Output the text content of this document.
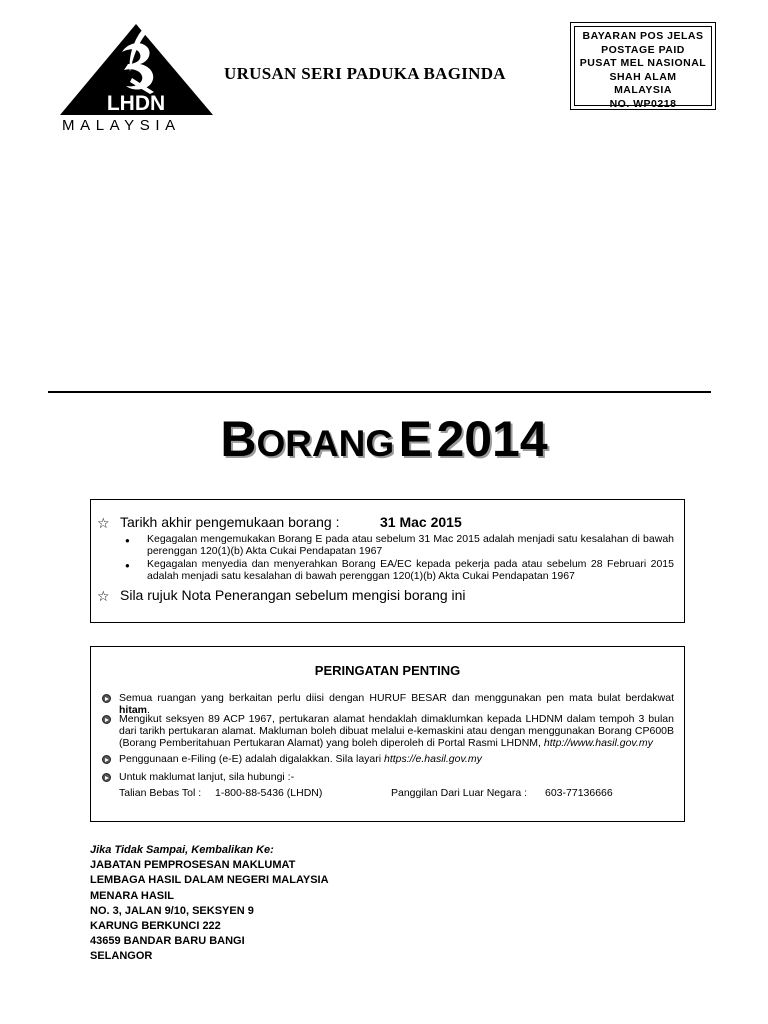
LHDN
MALAYSIA
URUSAN SERI PADUKA BAGINDA
BAYARAN POS JELAS
POSTAGE PAID
PUSAT MEL NASIONAL
SHAH ALAM
MALAYSIA
NO. WP0218
BORANG E 2014
☆ Tarikh akhir pengemukaan borang :	31 Mac 2015
● Kegagalan mengemukakan Borang E pada atau sebelum 31 Mac 2015 adalah menjadi satu kesalahan di bawah perenggan 120(1)(b) Akta Cukai Pendapatan 1967
● Kegagalan menyedia dan menyerahkan Borang EA/EC kepada pekerja pada atau sebelum 28 Februari 2015 adalah menjadi satu kesalahan di bawah perenggan 120(1)(b) Akta Cukai Pendapatan 1967
☆ Sila rujuk Nota Penerangan sebelum mengisi borang ini
PERINGATAN PENTING
Semua ruangan yang berkaitan perlu diisi dengan HURUF BESAR dan menggunakan pen mata bulat berdakwat hitam.
Mengikut seksyen 89 ACP 1967, pertukaran alamat hendaklah dimaklumkan kepada LHDNM dalam tempoh 3 bulan dari tarikh pertukaran alamat. Makluman boleh dibuat melalui e-kemaskini atau dengan menggunakan Borang CP600B (Borang Pemberitahuan Pertukaran Alamat) yang boleh diperoleh di Portal Rasmi LHDNM, http://www.hasil.gov.my
Penggunaan e-Filing (e-E) adalah digalakkan. Sila layari https://e.hasil.gov.my
Untuk maklumat lanjut, sila hubungi :-
Talian Bebas Tol : 1-800-88-5436 (LHDN)	Panggilan Dari Luar Negara : 603-77136666
Jika Tidak Sampai, Kembalikan Ke:
JABATAN PEMPROSESAN MAKLUMAT
LEMBAGA HASIL DALAM NEGERI MALAYSIA
MENARA HASIL
NO. 3, JALAN 9/10, SEKSYEN 9
KARUNG BERKUNCI 222
43659 BANDAR BARU BANGI
SELANGOR
